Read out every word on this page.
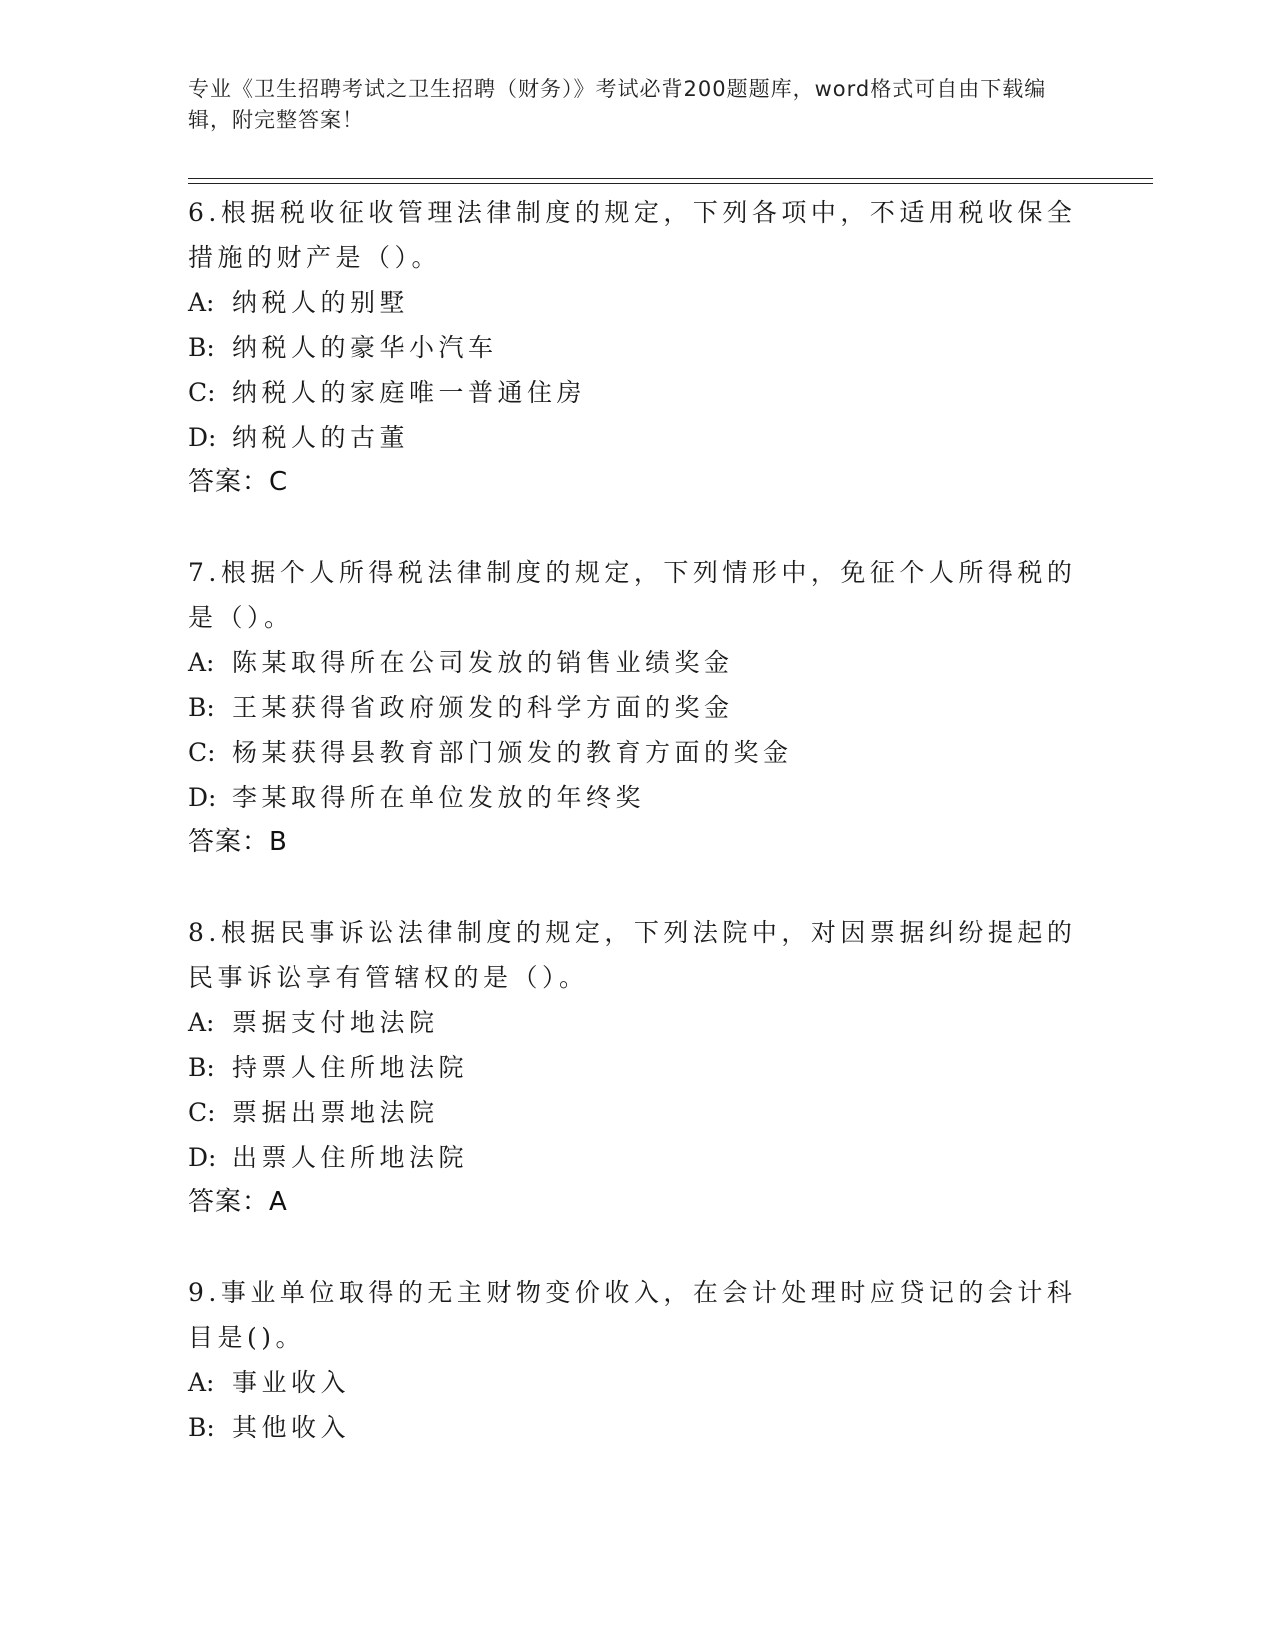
专业《卫生招聘考试之卫生招聘（财务）》考试必背200题题库，word格式可自由下载编辑，附完整答案！
6.根据税收征收管理法律制度的规定，下列各项中，不适用税收保全措施的财产是（）。
A: 纳税人的别墅
B: 纳税人的豪华小汽车
C: 纳税人的家庭唯一普通住房
D: 纳税人的古董
答案：C
7.根据个人所得税法律制度的规定，下列情形中，免征个人所得税的是（）。
A: 陈某取得所在公司发放的销售业绩奖金
B: 王某获得省政府颁发的科学方面的奖金
C: 杨某获得县教育部门颁发的教育方面的奖金
D: 李某取得所在单位发放的年终奖
答案：B
8.根据民事诉讼法律制度的规定，下列法院中，对因票据纠纷提起的民事诉讼享有管辖权的是（）。
A: 票据支付地法院
B: 持票人住所地法院
C: 票据出票地法院
D: 出票人住所地法院
答案：A
9.事业单位取得的无主财物变价收入，在会计处理时应贷记的会计科目是()。
A: 事业收入
B: 其他收入
